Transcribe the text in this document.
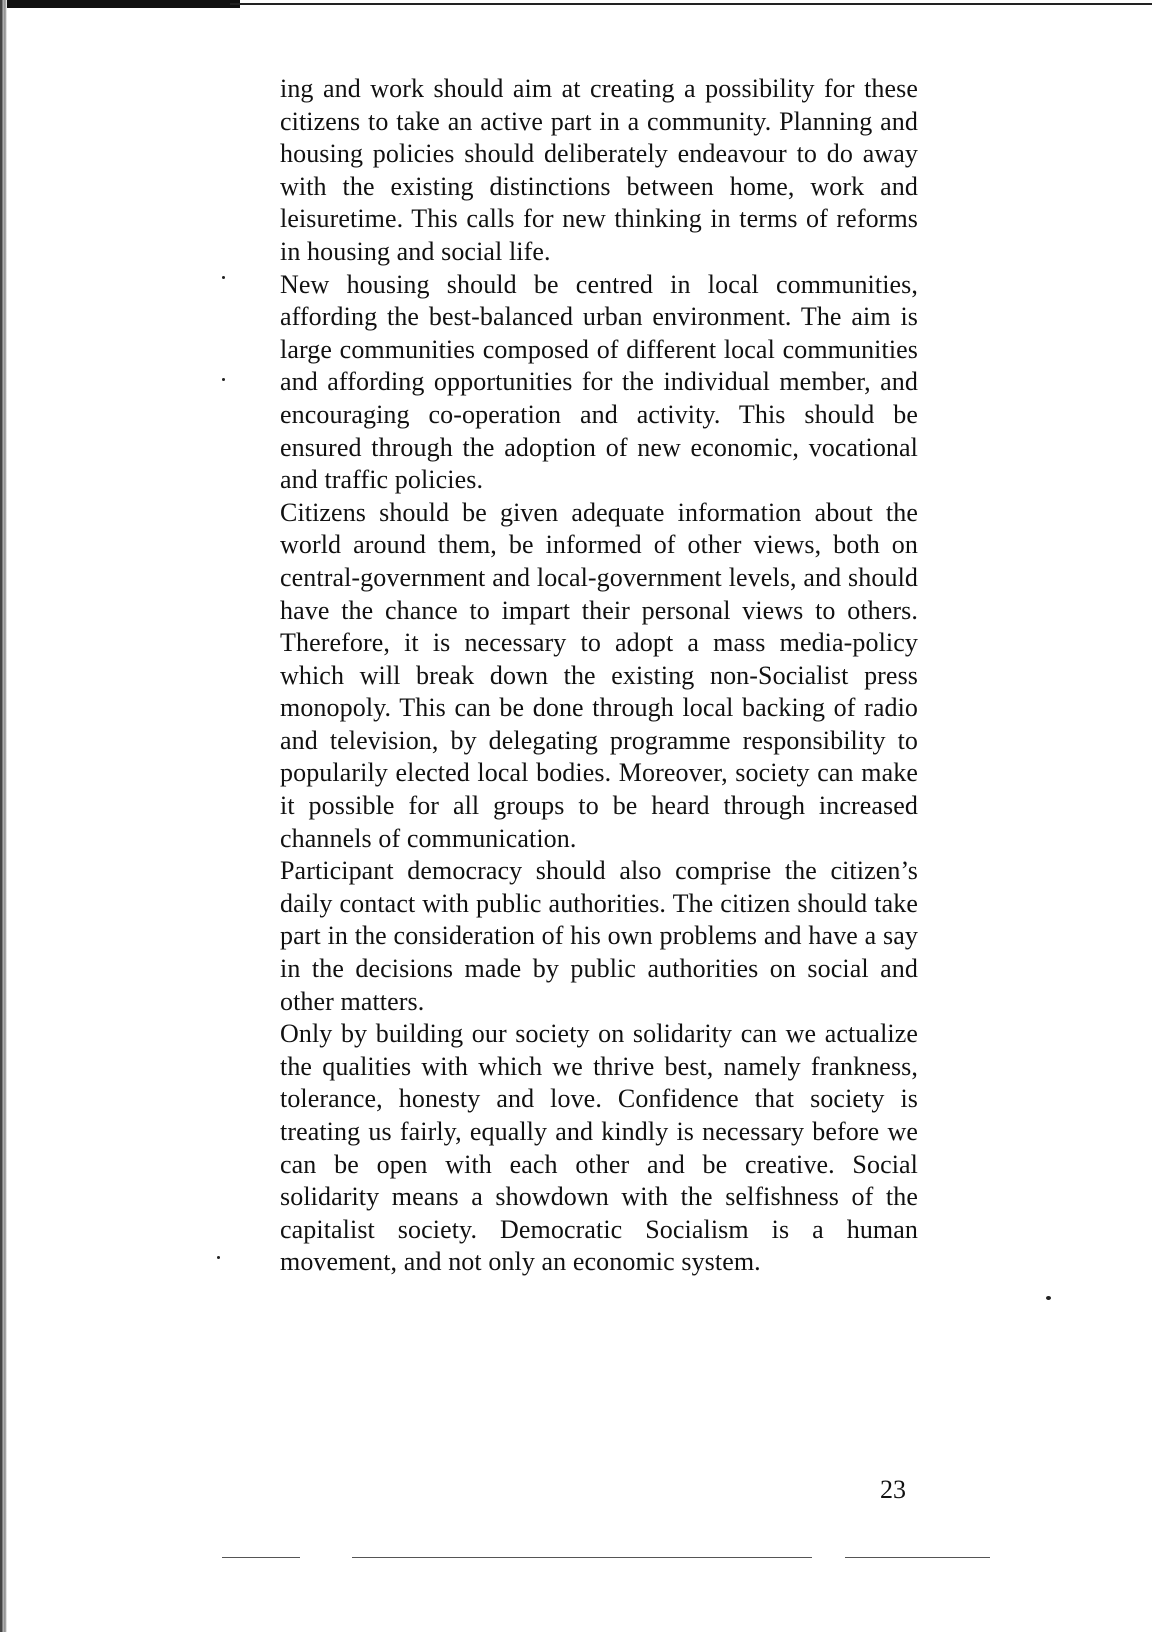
ing and work should aim at creating a possibility for these citizens to take an active part in a community. Planning and housing policies should deliberately endeavour to do away with the existing distinctions between home, work and leisuretime. This calls for new thinking in terms of reforms in housing and social life.

New housing should be centred in local communities, affording the best-balanced urban environment. The aim is large communities composed of different local communities and affording opportunities for the individual member, and encouraging co-operation and activity. This should be ensured through the adoption of new economic, vocational and traffic policies.

Citizens should be given adequate information about the world around them, be informed of other views, both on central-government and local-government levels, and should have the chance to impart their personal views to others. Therefore, it is necessary to adopt a mass media-policy which will break down the existing non-Socialist press monopoly. This can be done through local backing of radio and television, by delegating programme responsibility to popularily elected local bodies. Moreover, society can make it possible for all groups to be heard through increased channels of communication.

Participant democracy should also comprise the citizen’s daily contact with public authorities. The citizen should take part in the consideration of his own problems and have a say in the decisions made by public authorities on social and other matters.

Only by building our society on solidarity can we actualize the qualities with which we thrive best, namely frankness, tolerance, honesty and love. Confidence that society is treating us fairly, equally and kindly is necessary before we can be open with each other and be creative. Social solidarity means a showdown with the selfishness of the capitalist society. Democratic Socialism is a human movement, and not only an economic system.

23
